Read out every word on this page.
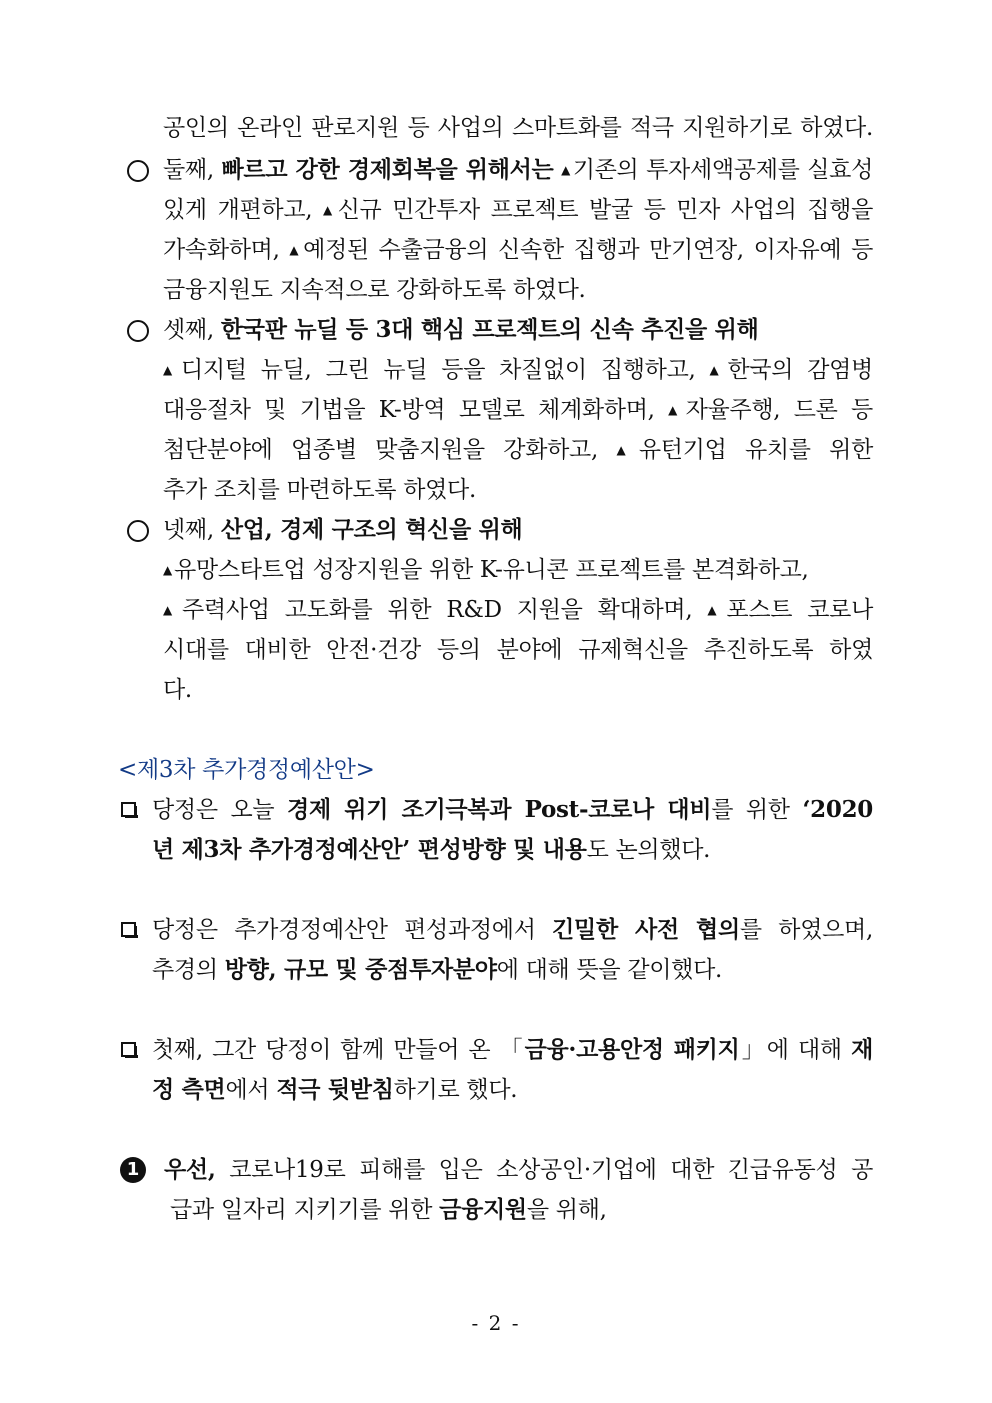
공인의 온라인 판로지원 등 사업의 스마트화를 적극 지원하기로 하였다.
둘째, 빠르고 강한 경제회복을 위해서는 ▲기존의 투자세액공제를 실효성
있게 개편하고, ▲신규 민간투자 프로젝트 발굴 등 민자 사업의 집행을
가속화하며, ▲예정된 수출금융의 신속한 집행과 만기연장, 이자유예 등
금융지원도 지속적으로 강화하도록 하였다.
셋째, 한국판 뉴딜 등 3대 핵심 프로젝트의 신속 추진을 위해
▲디지털 뉴딜, 그린 뉴딜 등을 차질없이 집행하고, ▲한국의 감염병
대응절차 및 기법을 K-방역 모델로 체계화하며, ▲자율주행, 드론 등
첨단분야에 업종별 맞춤지원을 강화하고, ▲유턴기업 유치를 위한
추가 조치를 마련하도록 하였다.
넷째, 산업, 경제 구조의 혁신을 위해
▲유망스타트업 성장지원을 위한 K-유니콘 프로젝트를 본격화하고,
▲주력사업 고도화를 위한 R&D 지원을 확대하며, ▲포스트 코로나
시대를 대비한 안전·건강 등의 분야에 규제혁신을 추진하도록 하였
다.
<제3차 추가경정예산안>
당정은 오늘 경제 위기 조기극복과 Post-코로나 대비를 위한 ‘2020
년 제3차 추가경정예산안’ 편성방향 및 내용도 논의했다.
당정은 추가경정예산안 편성과정에서 긴밀한 사전 협의를 하였으며,
추경의 방향, 규모 및 중점투자분야에 대해 뜻을 같이했다.
첫째, 그간 당정이 함께 만들어 온 「금융·고용안정 패키지」에 대해 재
정 측면에서 적극 뒷받침하기로 했다.
1 우선, 코로나19로 피해를 입은 소상공인·기업에 대한 긴급유동성 공
급과 일자리 지키기를 위한 금융지원을 위해,
- 2 -
